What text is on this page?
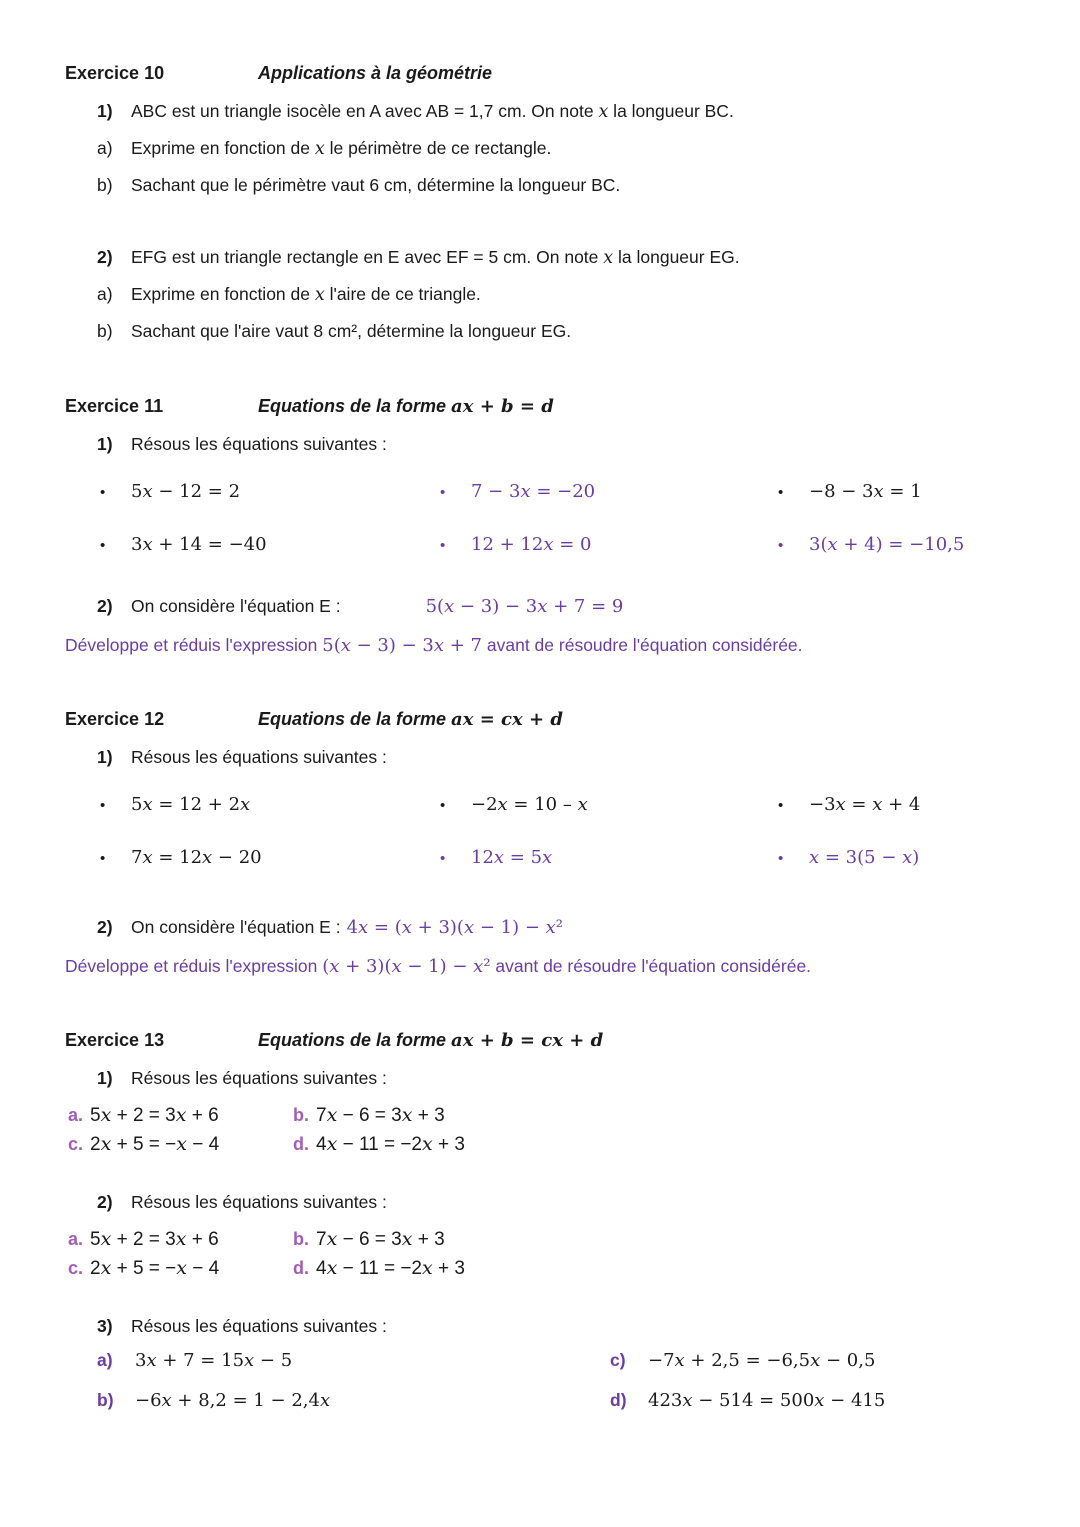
Exercice 10	Applications à la géométrie
1) ABC est un triangle isocèle en A avec AB = 1,7 cm. On note x la longueur BC.
a) Exprime en fonction de x le périmètre de ce rectangle.
b) Sachant que le périmètre vaut 6 cm, détermine la longueur BC.
2) EFG est un triangle rectangle en E avec EF = 5 cm. On note x la longueur EG.
a) Exprime en fonction de x l'aire de ce triangle.
b) Sachant que l'aire vaut 8 cm², détermine la longueur EG.
Exercice 11	Equations de la forme ax + b = d
1) Résous les équations suivantes :
• 5x − 12 = 2	• 7 − 3x = −20	• −8 − 3x = 1
• 3x + 14 = −40	• 12 + 12x = 0	• 3(x + 4) = −10,5
2) On considère l'équation E :	5(x − 3) − 3x + 7 = 9
Développe et réduis l'expression 5(x − 3) − 3x + 7 avant de résoudre l'équation considérée.
Exercice 12	Equations de la forme ax = cx + d
1) Résous les équations suivantes :
• 5x = 12 + 2x	• −2x = 10 – x	• −3x = x + 4
• 7x = 12x − 20	• 12x = 5x	• x = 3(5 − x)
2) On considère l'équation E : 4x = (x + 3)(x − 1) − x²
Développe et réduis l'expression (x + 3)(x − 1) − x² avant de résoudre l'équation considérée.
Exercice 13	Equations de la forme ax + b = cx + d
1) Résous les équations suivantes :
a. 5x + 2 = 3x + 6	b. 7x − 6 = 3x + 3
c. 2x + 5 = −x − 4	d. 4x − 11 = −2x + 3
2) Résous les équations suivantes :
a. 5x + 2 = 3x + 6	b. 7x − 6 = 3x + 3
c. 2x + 5 = −x − 4	d. 4x − 11 = −2x + 3
3) Résous les équations suivantes :
a) 3x + 7 = 15x − 5	c) −7x + 2,5 = −6,5x − 0,5
b) −6x + 8,2 = 1 − 2,4x	d) 423x − 514 = 500x − 415
